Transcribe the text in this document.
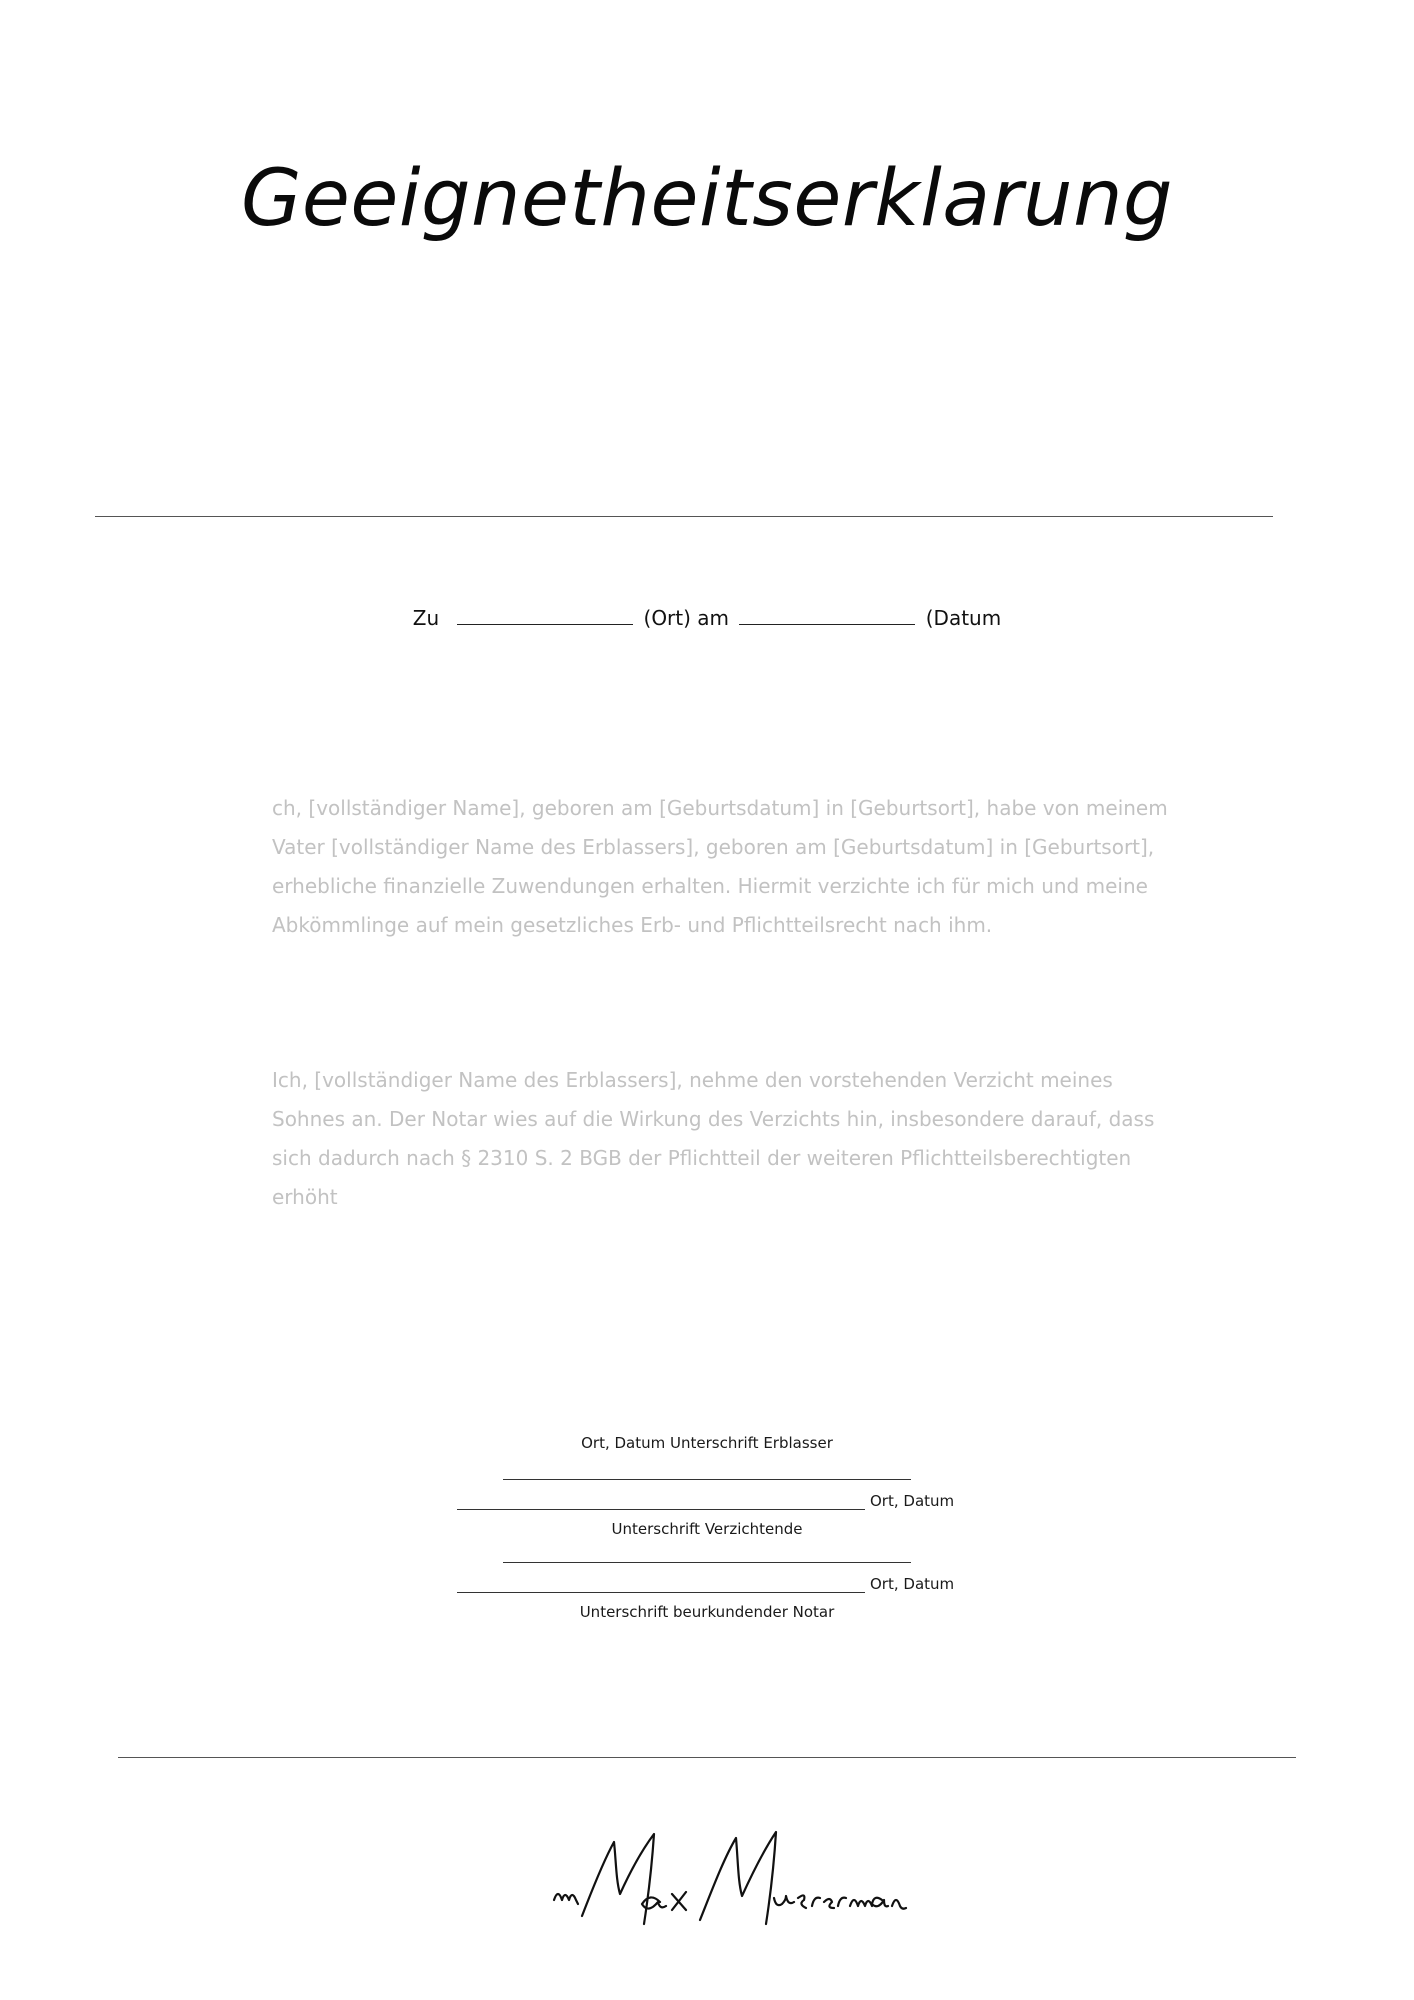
Geeignetheitserklarung
Zu	(Ort) am	(Datum

ch, [vollständiger Name], geboren am [Geburtsdatum] in [Geburtsort], habe von meinem Vater [vollständiger Name des Erblassers], geboren am [Geburtsdatum] in [Geburtsort], erhebliche finanzielle Zuwendungen erhalten. Hiermit verzichte ich für mich und meine Abkömmlinge auf mein gesetzliches Erb- und Pflichtteilsrecht nach ihm.

Ich, [vollständiger Name des Erblassers], nehme den vorstehenden Verzicht meines Sohnes an. Der Notar wies auf die Wirkung des Verzichts hin, insbesondere darauf, dass sich dadurch nach § 2310 S. 2 BGB der Pflichtteil der weiteren Pflichtteilsberechtigten erhöht

Ort, Datum Unterschrift Erblasser
Ort, Datum
Unterschrift Verzichtende
Ort, Datum
Unterschrift beurkundender Notar
